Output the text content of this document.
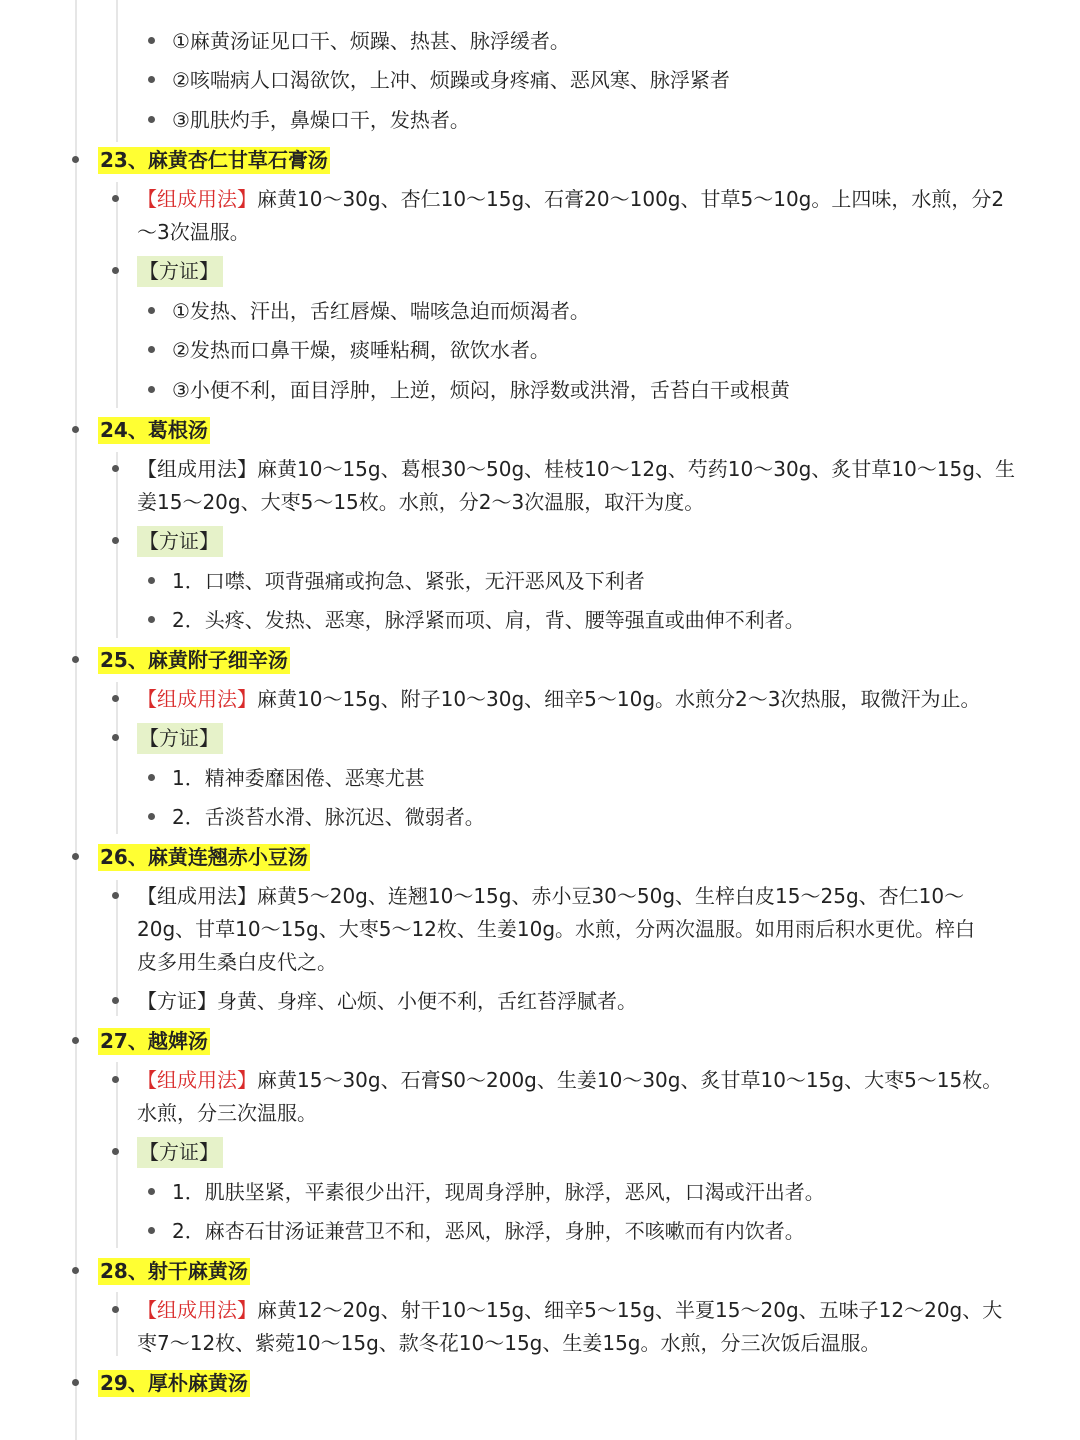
①麻黄汤证见口干、烦躁、热甚、脉浮缓者。
②咳喘病人口渴欲饮，上冲、烦躁或身疼痛、恶风寒、脉浮紧者
③肌肤灼手，鼻燥口干，发热者。
23、麻黄杏仁甘草石膏汤
【组成用法】麻黄10～30g、杏仁10～15g、石膏20～100g、甘草5～10g。上四味，水煎，分2
～3次温服。
【方证】
①发热、汗出，舌红唇燥、喘咳急迫而烦渴者。
②发热而口鼻干燥，痰唾粘稠，欲饮水者。
③小便不利，面目浮肿，上逆，烦闷，脉浮数或洪滑，舌苔白干或根黄
24、葛根汤
【组成用法】麻黄10～15g、葛根30～50g、桂枝10～12g、芍药10～30g、炙甘草10～15g、生
姜15～20g、大枣5～15枚。水煎，分2～3次温服，取汗为度。
【方证】
1．口噤、项背强痛或拘急、紧张，无汗恶风及下利者
2．头疼、发热、恶寒，脉浮紧而项、肩，背、腰等强直或曲伸不利者。
25、麻黄附子细辛汤
【组成用法】麻黄10～15g、附子10～30g、细辛5～10g。水煎分2～3次热服，取微汗为止。
【方证】
1．精神委靡困倦、恶寒尤甚
2．舌淡苔水滑、脉沉迟、微弱者。
26、麻黄连翘赤小豆汤
【组成用法】麻黄5～20g、连翘10～15g、赤小豆30～50g、生梓白皮15～25g、杏仁10～
20g、甘草10～15g、大枣5～12枚、生姜10g。水煎，分两次温服。如用雨后积水更优。梓白
皮多用生桑白皮代之。
【方证】身黄、身痒、心烦、小便不利，舌红苔浮腻者。
27、越婢汤
【组成用法】麻黄15～30g、石膏S0～200g、生姜10～30g、炙甘草10～15g、大枣5～15枚。
水煎，分三次温服。
【方证】
1．肌肤坚紧，平素很少出汗，现周身浮肿，脉浮，恶风，口渴或汗出者。
2．麻杏石甘汤证兼营卫不和，恶风，脉浮，身肿，不咳嗽而有内饮者。
28、射干麻黄汤
【组成用法】麻黄12～20g、射干10～15g、细辛5～15g、半夏15～20g、五味子12～20g、大
枣7～12枚、紫菀10～15g、款冬花10～15g、生姜15g。水煎，分三次饭后温服。
29、厚朴麻黄汤
